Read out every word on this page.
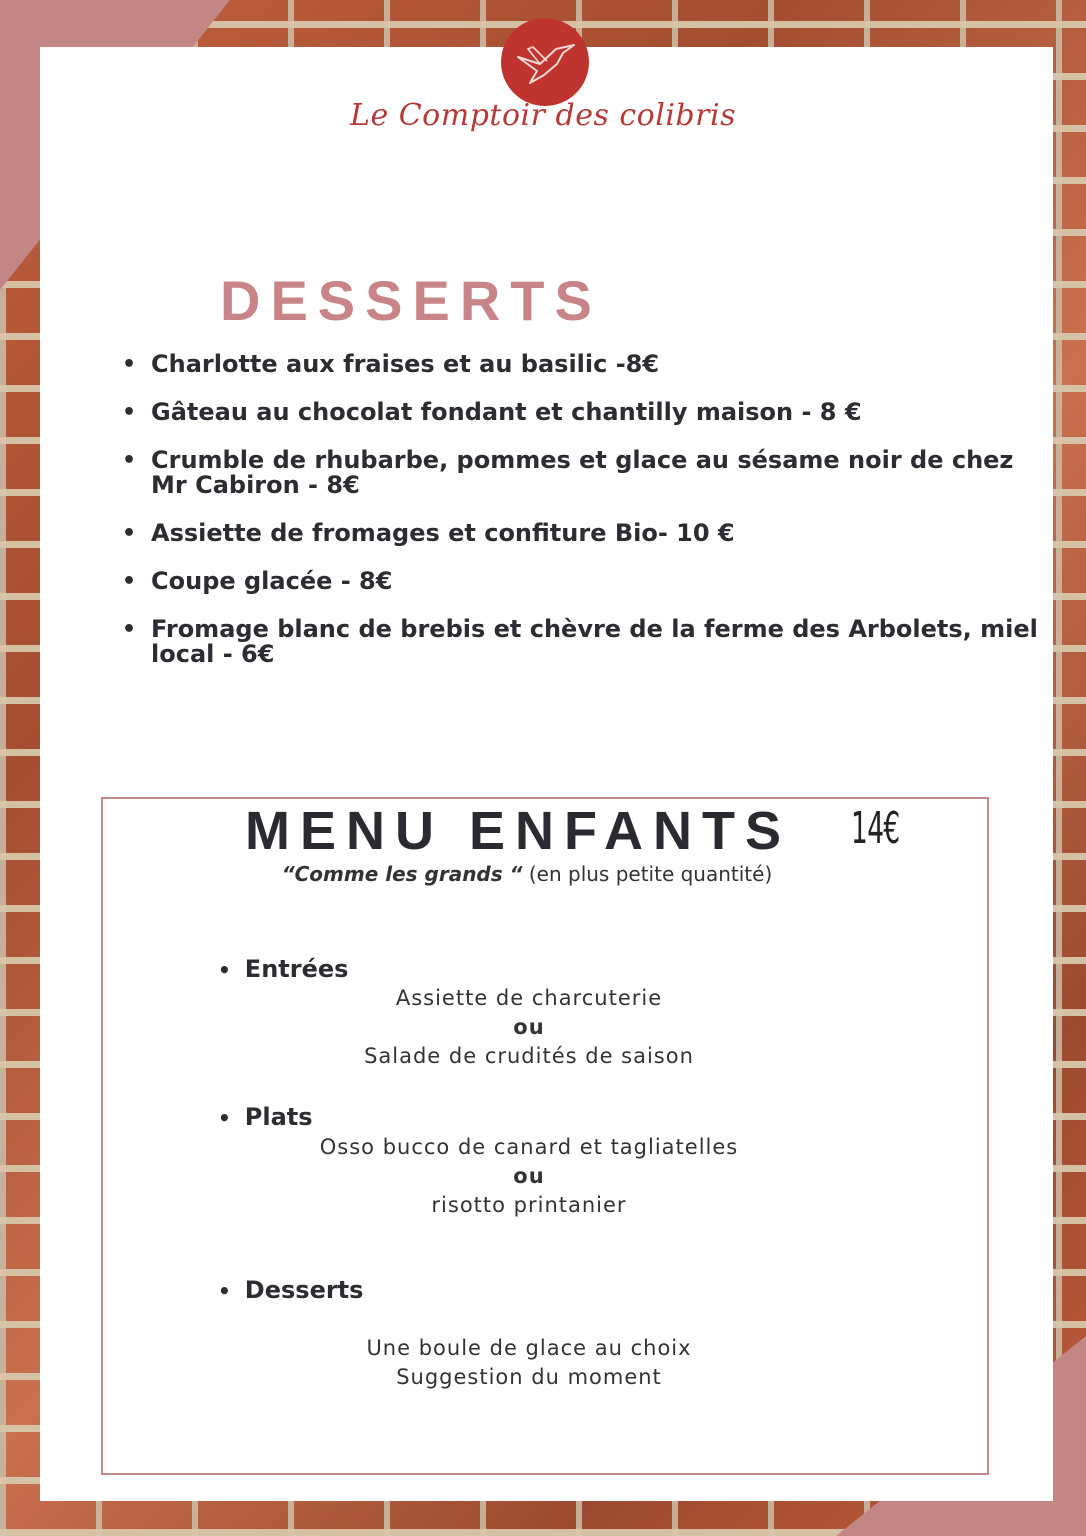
Le Comptoir des colibris
DESSERTS
• Charlotte aux fraises et au basilic -8€
• Gâteau au chocolat fondant et chantilly maison - 8 €
• Crumble de rhubarbe, pommes et glace au sésame noir de chez Mr Cabiron - 8€
• Assiette de fromages et confiture Bio- 10 €
• Coupe glacée - 8€
• Fromage blanc de brebis et chèvre de la ferme des Arbolets, miel local - 6€
MENU ENFANTS 14€
“Comme les grands “ (en plus petite quantité)
• Entrées
Assiette de charcuterie
ou
Salade de crudités de saison
• Plats
Osso bucco de canard et tagliatelles
ou
risotto printanier
• Desserts
Une boule de glace au choix
Suggestion du moment
